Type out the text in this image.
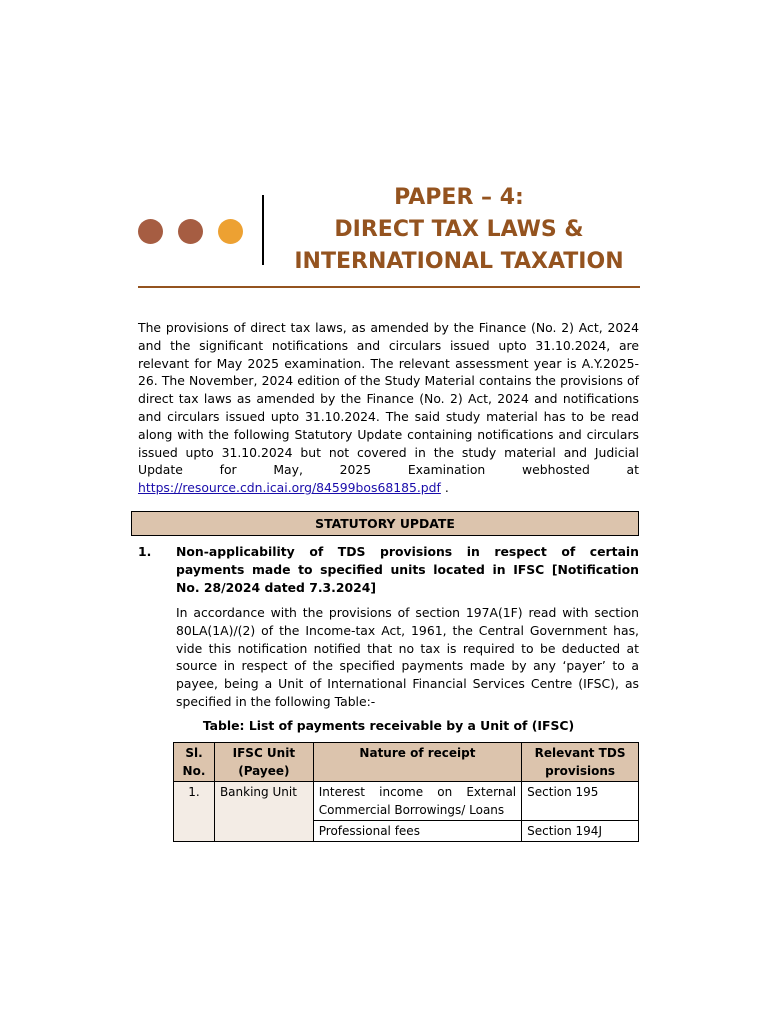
PAPER – 4:
DIRECT TAX LAWS &
INTERNATIONAL TAXATION

The provisions of direct tax laws, as amended by the Finance (No. 2) Act, 2024 and the significant notifications and circulars issued upto 31.10.2024, are relevant for May 2025 examination. The relevant assessment year is A.Y.2025-26. The November, 2024 edition of the Study Material contains the provisions of direct tax laws as amended by the Finance (No. 2) Act, 2024 and notifications and circulars issued upto 31.10.2024. The said study material has to be read along with the following Statutory Update containing notifications and circulars issued upto 31.10.2024 but not covered in the study material and Judicial Update for May, 2025 Examination webhosted at https://resource.cdn.icai.org/84599bos68185.pdf .

STATUTORY UPDATE
1. Non-applicability of TDS provisions in respect of certain payments made to specified units located in IFSC [Notification No. 28/2024 dated 7.3.2024]

In accordance with the provisions of section 197A(1F) read with section 80LA(1A)/(2) of the Income-tax Act, 1961, the Central Government has, vide this notification notified that no tax is required to be deducted at source in respect of the specified payments made by any ‘payer’ to a payee, being a Unit of International Financial Services Centre (IFSC), as specified in the following Table:-

Table: List of payments receivable by a Unit of (IFSC)
Sl. No.	IFSC Unit (Payee)	Nature of receipt	Relevant TDS provisions
1.	Banking Unit	Interest income on External Commercial Borrowings/ Loans	Section 195
		Professional fees	Section 194J
